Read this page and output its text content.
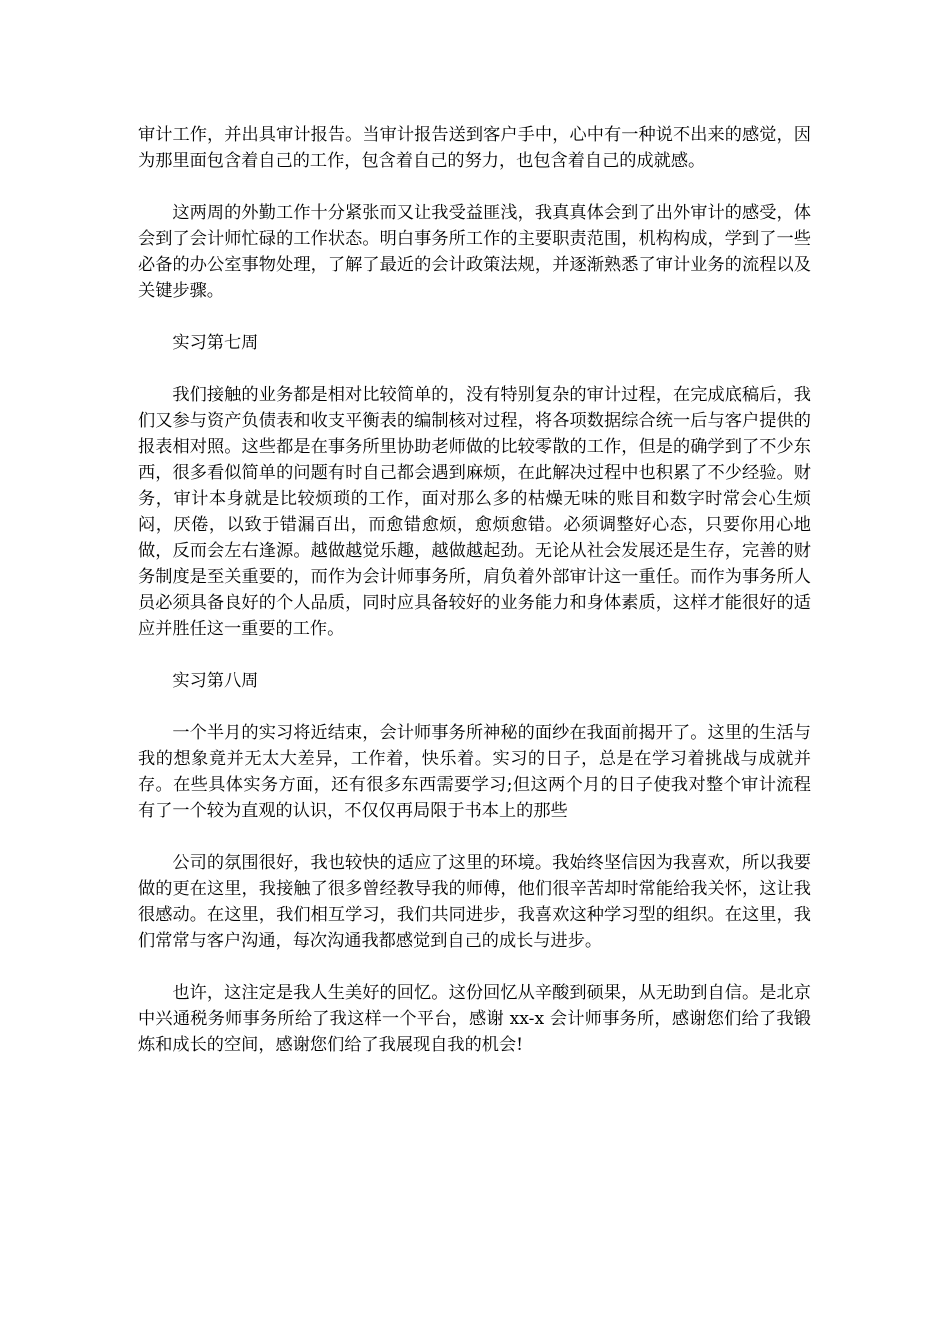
审计工作，并出具审计报告。当审计报告送到客户手中，心中有一种说不出来的感觉，因为那里面包含着自己的工作，包含着自己的努力，也包含着自己的成就感。

这两周的外勤工作十分紧张而又让我受益匪浅，我真真体会到了出外审计的感受，体会到了会计师忙碌的工作状态。明白事务所工作的主要职责范围，机构构成，学到了一些必备的办公室事物处理，了解了最近的会计政策法规，并逐渐熟悉了审计业务的流程以及关键步骤。

实习第七周

我们接触的业务都是相对比较简单的，没有特别复杂的审计过程，在完成底稿后，我们又参与资产负债表和收支平衡表的编制核对过程，将各项数据综合统一后与客户提供的报表相对照。这些都是在事务所里协助老师做的比较零散的工作，但是的确学到了不少东西，很多看似简单的问题有时自己都会遇到麻烦，在此解决过程中也积累了不少经验。财务，审计本身就是比较烦琐的工作，面对那么多的枯燥无味的账目和数字时常会心生烦闷，厌倦，以致于错漏百出，而愈错愈烦，愈烦愈错。必须调整好心态，只要你用心地做，反而会左右逢源。越做越觉乐趣，越做越起劲。无论从社会发展还是生存，完善的财务制度是至关重要的，而作为会计师事务所，肩负着外部审计这一重任。而作为事务所人员必须具备良好的个人品质，同时应具备较好的业务能力和身体素质，这样才能很好的适应并胜任这一重要的工作。

实习第八周

一个半月的实习将近结束，会计师事务所神秘的面纱在我面前揭开了。这里的生活与我的想象竟并无太大差异，工作着，快乐着。实习的日子，总是在学习着挑战与成就并存。在些具体实务方面，还有很多东西需要学习;但这两个月的日子使我对整个审计流程有了一个较为直观的认识，不仅仅再局限于书本上的那些

公司的氛围很好，我也较快的适应了这里的环境。我始终坚信因为我喜欢，所以我要做的更在这里，我接触了很多曾经教导我的师傅，他们很辛苦却时常能给我关怀，这让我很感动。在这里，我们相互学习，我们共同进步，我喜欢这种学习型的组织。在这里，我们常常与客户沟通，每次沟通我都感觉到自己的成长与进步。

也许，这注定是我人生美好的回忆。这份回忆从辛酸到硕果，从无助到自信。是北京中兴通税务师事务所给了我这样一个平台，感谢 xx-x 会计师事务所，感谢您们给了我锻炼和成长的空间，感谢您们给了我展现自我的机会!
